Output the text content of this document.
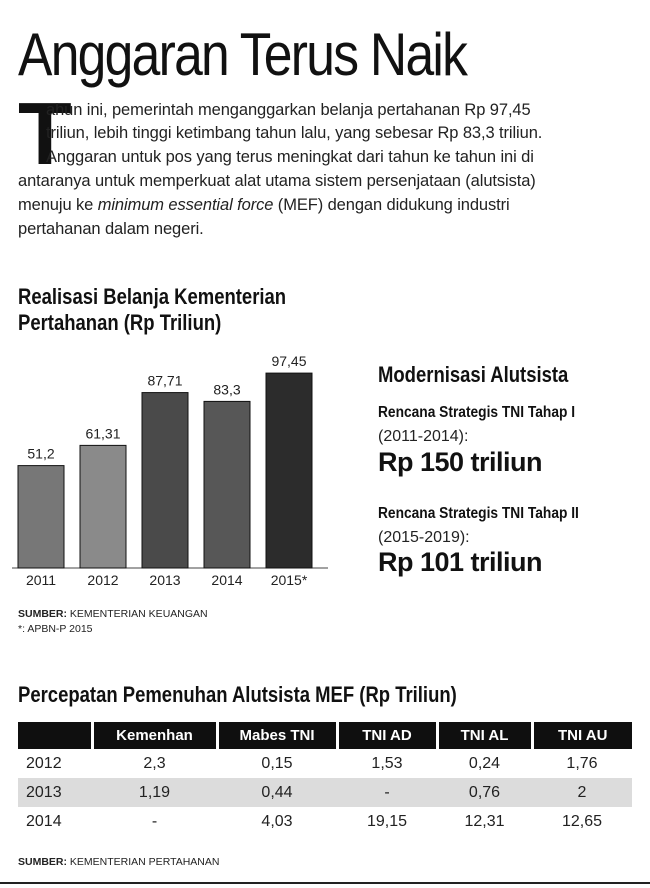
Anggaran Terus Naik
T
ahun ini, pemerintah menganggarkan belanja pertahanan Rp 97,45
triliun, lebih tinggi ketimbang tahun lalu, yang sebesar Rp 83,3 triliun.
Anggaran untuk pos yang terus meningkat dari tahun ke tahun ini di
antaranya untuk memperkuat alat utama sistem persenjataan (alutsista)
menuju ke minimum essential force (MEF) dengan didukung industri
pertahanan dalam negeri.
Realisasi Belanja Kementerian
Pertahanan (Rp Triliun)
51,2
2011
61,31
2012
87,71
2013
83,3
2014
97,45
2015*
SUMBER: KEMENTERIAN KEUANGAN
*: APBN-P 2015
Modernisasi Alutsista
Rencana Strategis TNI Tahap I
(2011-2014):
Rp 150 triliun
Rencana Strategis TNI Tahap II
(2015-2019):
Rp 101 triliun
Percepatan Pemenuhan Alutsista MEF (Rp Triliun)
	Kemenhan	Mabes TNI	TNI AD	TNI AL	TNI AU
2012	2,3	0,15	1,53	0,24	1,76
2013	1,19	0,44	-	0,76	2
2014	-	4,03	19,15	12,31	12,65
SUMBER: KEMENTERIAN PERTAHANAN
